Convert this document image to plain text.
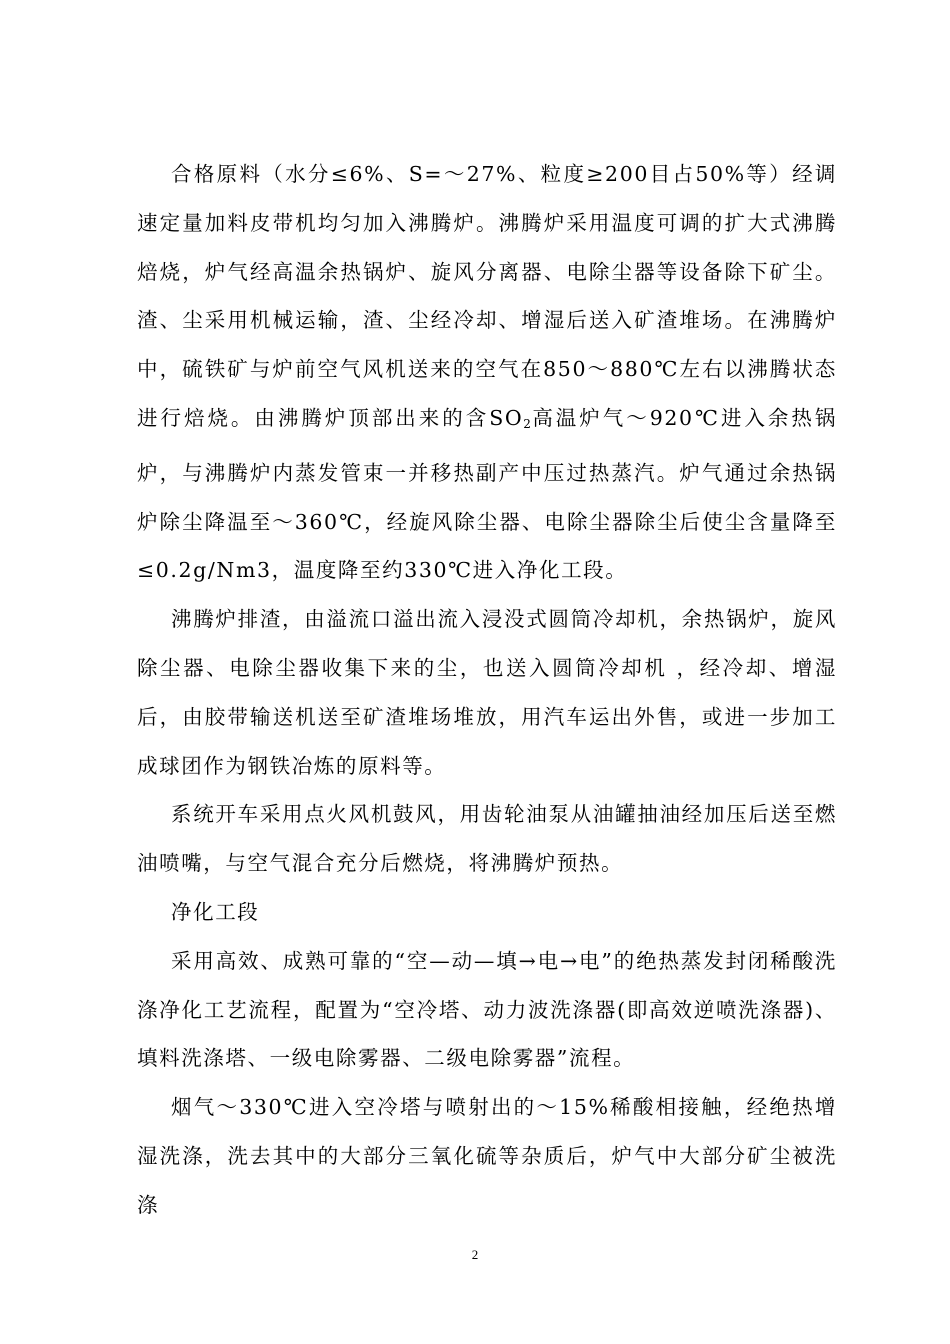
合格原料（水分≤6%、S=～27%、粒度≥200目占50%等）经调速定量加料皮带机均匀加入沸腾炉。沸腾炉采用温度可调的扩大式沸腾焙烧，炉气经高温余热锅炉、旋风分离器、电除尘器等设备除下矿尘。渣、尘采用机械运输，渣、尘经冷却、增湿后送入矿渣堆场。在沸腾炉中，硫铁矿与炉前空气风机送来的空气在850～880℃左右以沸腾状态进行焙烧。由沸腾炉顶部出来的含$SO_2$高温炉气～920℃进入余热锅炉，与沸腾炉内蒸发管束一并移热副产中压过热蒸汽。炉气通过余热锅炉除尘降温至～360℃，经旋风除尘器、电除尘器除尘后使尘含量降至≤0.2g/Nm3，温度降至约330℃进入净化工段。

沸腾炉排渣，由溢流口溢出流入浸没式圆筒冷却机，余热锅炉，旋风除尘器、电除尘器收集下来的尘，也送入圆筒冷却机 ，经冷却、增湿后，由胶带输送机送至矿渣堆场堆放，用汽车运出外售，或进一步加工成球团作为钢铁冶炼的原料等。

系统开车采用点火风机鼓风，用齿轮油泵从油罐抽油经加压后送至燃油喷嘴，与空气混合充分后燃烧，将沸腾炉预热。

净化工段

采用高效、成熟可靠的“空—动—填→电→电”的绝热蒸发封闭稀酸洗涤净化工艺流程，配置为“空冷塔、动力波洗涤器(即高效逆喷洗涤器)、填料洗涤塔、一级电除雾器、二级电除雾器”流程。

烟气～330℃进入空冷塔与喷射出的～15%稀酸相接触，经绝热增湿洗涤，洗去其中的大部分三氧化硫等杂质后，炉气中大部分矿尘被洗涤

2
